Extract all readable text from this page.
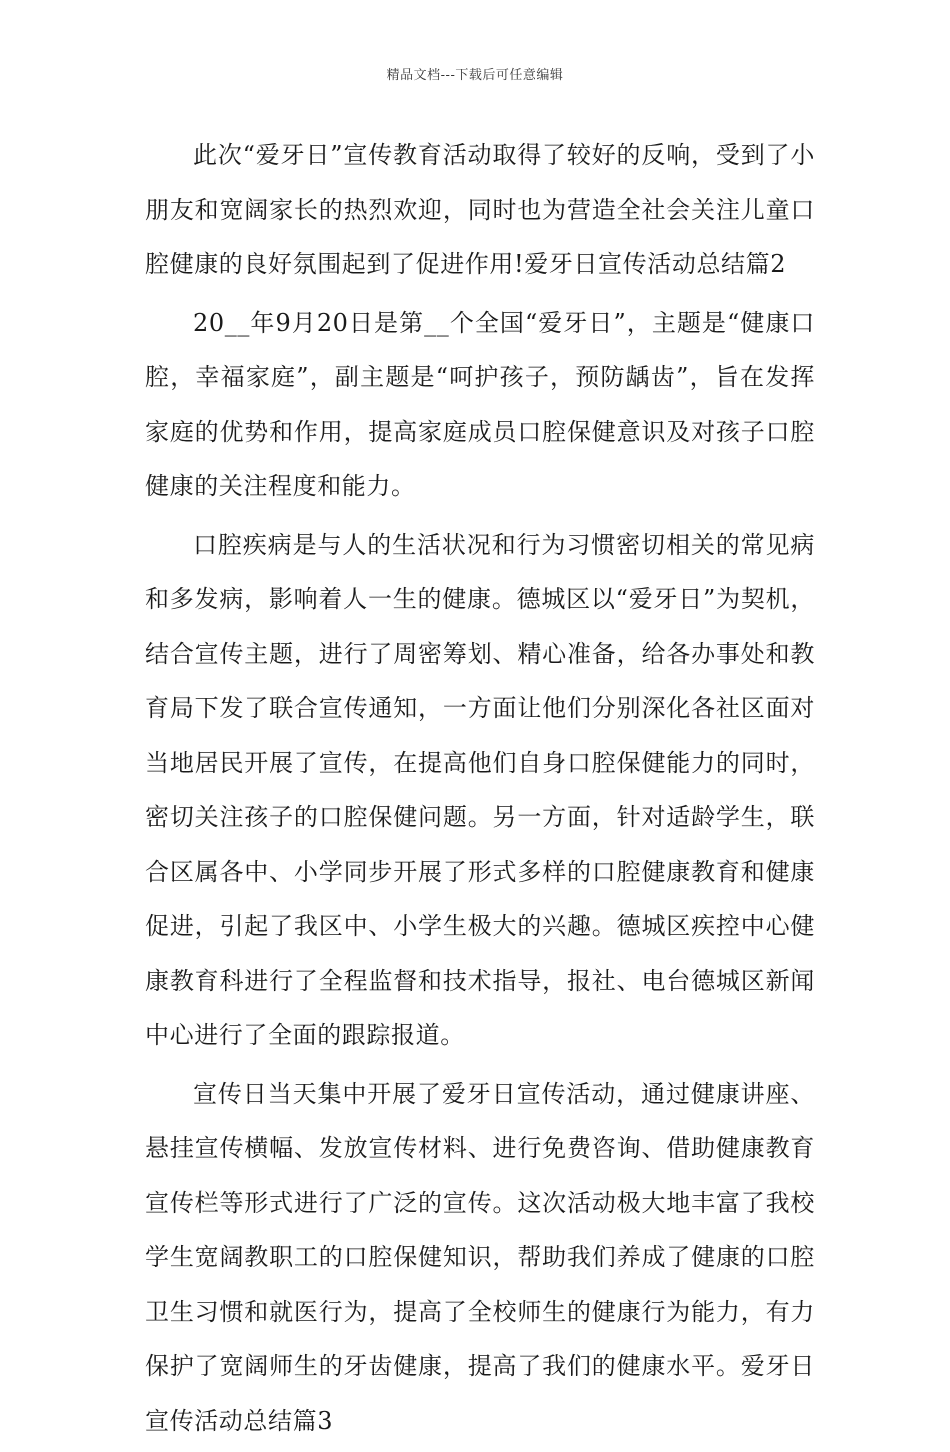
精品文档---下载后可任意编辑

此次“爱牙日”宣传教育活动取得了较好的反响，受到了小朋友和宽阔家长的热烈欢迎，同时也为营造全社会关注儿童口腔健康的良好氛围起到了促进作用!爱牙日宣传活动总结篇2

20__年9月20日是第__个全国“爱牙日”，主题是“健康口腔，幸福家庭”，副主题是“呵护孩子，预防龋齿”，旨在发挥家庭的优势和作用，提高家庭成员口腔保健意识及对孩子口腔健康的关注程度和能力。

口腔疾病是与人的生活状况和行为习惯密切相关的常见病和多发病，影响着人一生的健康。德城区以“爱牙日”为契机，结合宣传主题，进行了周密筹划、精心准备，给各办事处和教育局下发了联合宣传通知，一方面让他们分别深化各社区面对当地居民开展了宣传，在提高他们自身口腔保健能力的同时，密切关注孩子的口腔保健问题。另一方面，针对适龄学生，联合区属各中、小学同步开展了形式多样的口腔健康教育和健康促进，引起了我区中、小学生极大的兴趣。德城区疾控中心健康教育科进行了全程监督和技术指导，报社、电台德城区新闻中心进行了全面的跟踪报道。

宣传日当天集中开展了爱牙日宣传活动，通过健康讲座、悬挂宣传横幅、发放宣传材料、进行免费咨询、借助健康教育宣传栏等形式进行了广泛的宣传。这次活动极大地丰富了我校学生宽阔教职工的口腔保健知识，帮助我们养成了健康的口腔卫生习惯和就医行为，提高了全校师生的健康行为能力，有力保护了宽阔师生的牙齿健康，提高了我们的健康水平。爱牙日宣传活动总结篇3
